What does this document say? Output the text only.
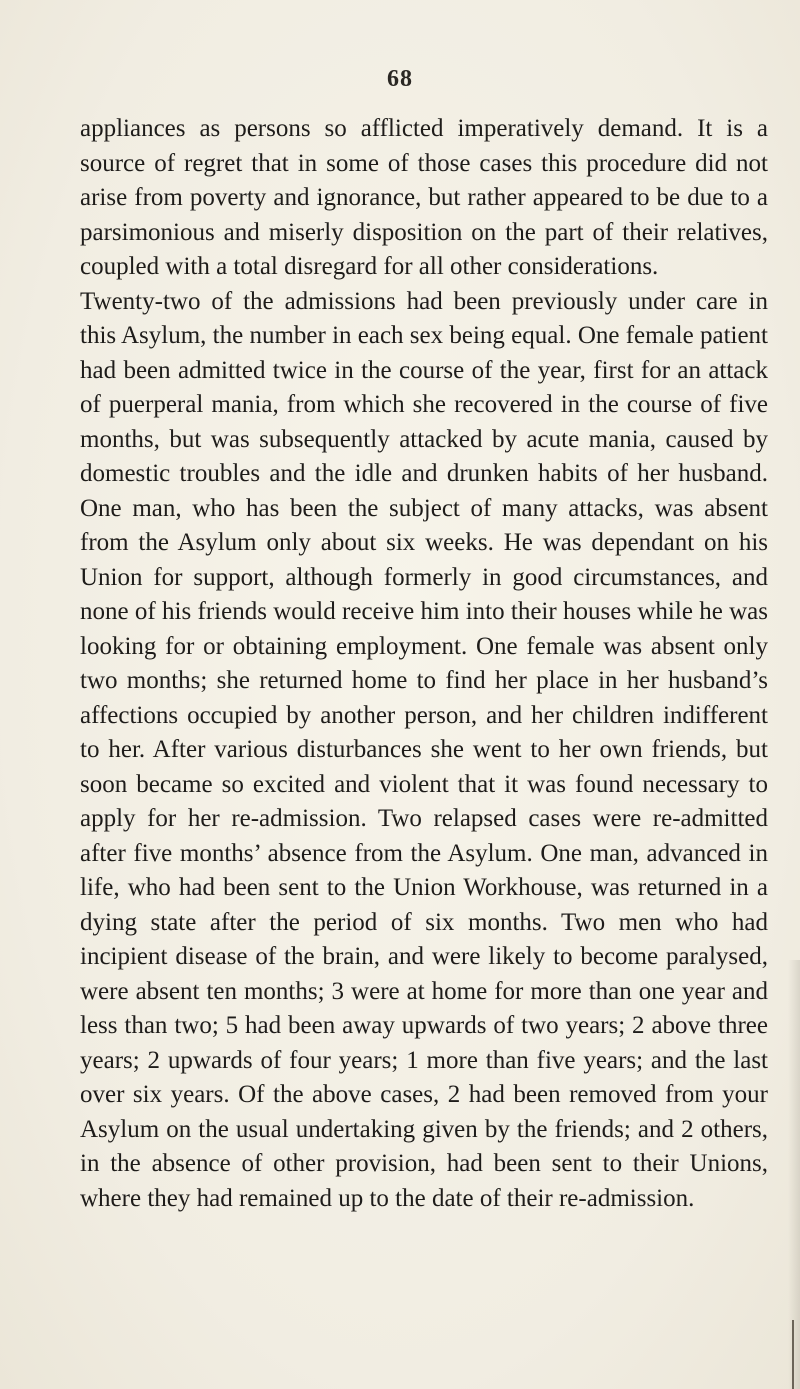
68

appliances as persons so afflicted imperatively demand. It is a source of regret that in some of those cases this procedure did not arise from poverty and ignorance, but rather appeared to be due to a parsimonious and miserly disposition on the part of their relatives, coupled with a total disregard for all other considerations.

Twenty-two of the admissions had been previously under care in this Asylum, the number in each sex being equal. One female patient had been admitted twice in the course of the year, first for an attack of puerperal mania, from which she recovered in the course of five months, but was subsequently attacked by acute mania, caused by domestic troubles and the idle and drunken habits of her husband. One man, who has been the subject of many attacks, was absent from the Asylum only about six weeks. He was dependant on his Union for support, although formerly in good circumstances, and none of his friends would receive him into their houses while he was looking for or obtaining employment. One female was absent only two months; she returned home to find her place in her husband’s affections occupied by another person, and her children indifferent to her. After various disturbances she went to her own friends, but soon became so excited and violent that it was found necessary to apply for her re-admission. Two relapsed cases were re-admitted after five months’ absence from the Asylum. One man, advanced in life, who had been sent to the Union Workhouse, was returned in a dying state after the period of six months. Two men who had incipient disease of the brain, and were likely to become paralysed, were absent ten months; 3 were at home for more than one year and less than two; 5 had been away upwards of two years; 2 above three years; 2 upwards of four years; 1 more than five years; and the last over six years. Of the above cases, 2 had been removed from your Asylum on the usual undertaking given by the friends; and 2 others, in the absence of other provision, had been sent to their Unions, where they had remained up to the date of their re-admission.
